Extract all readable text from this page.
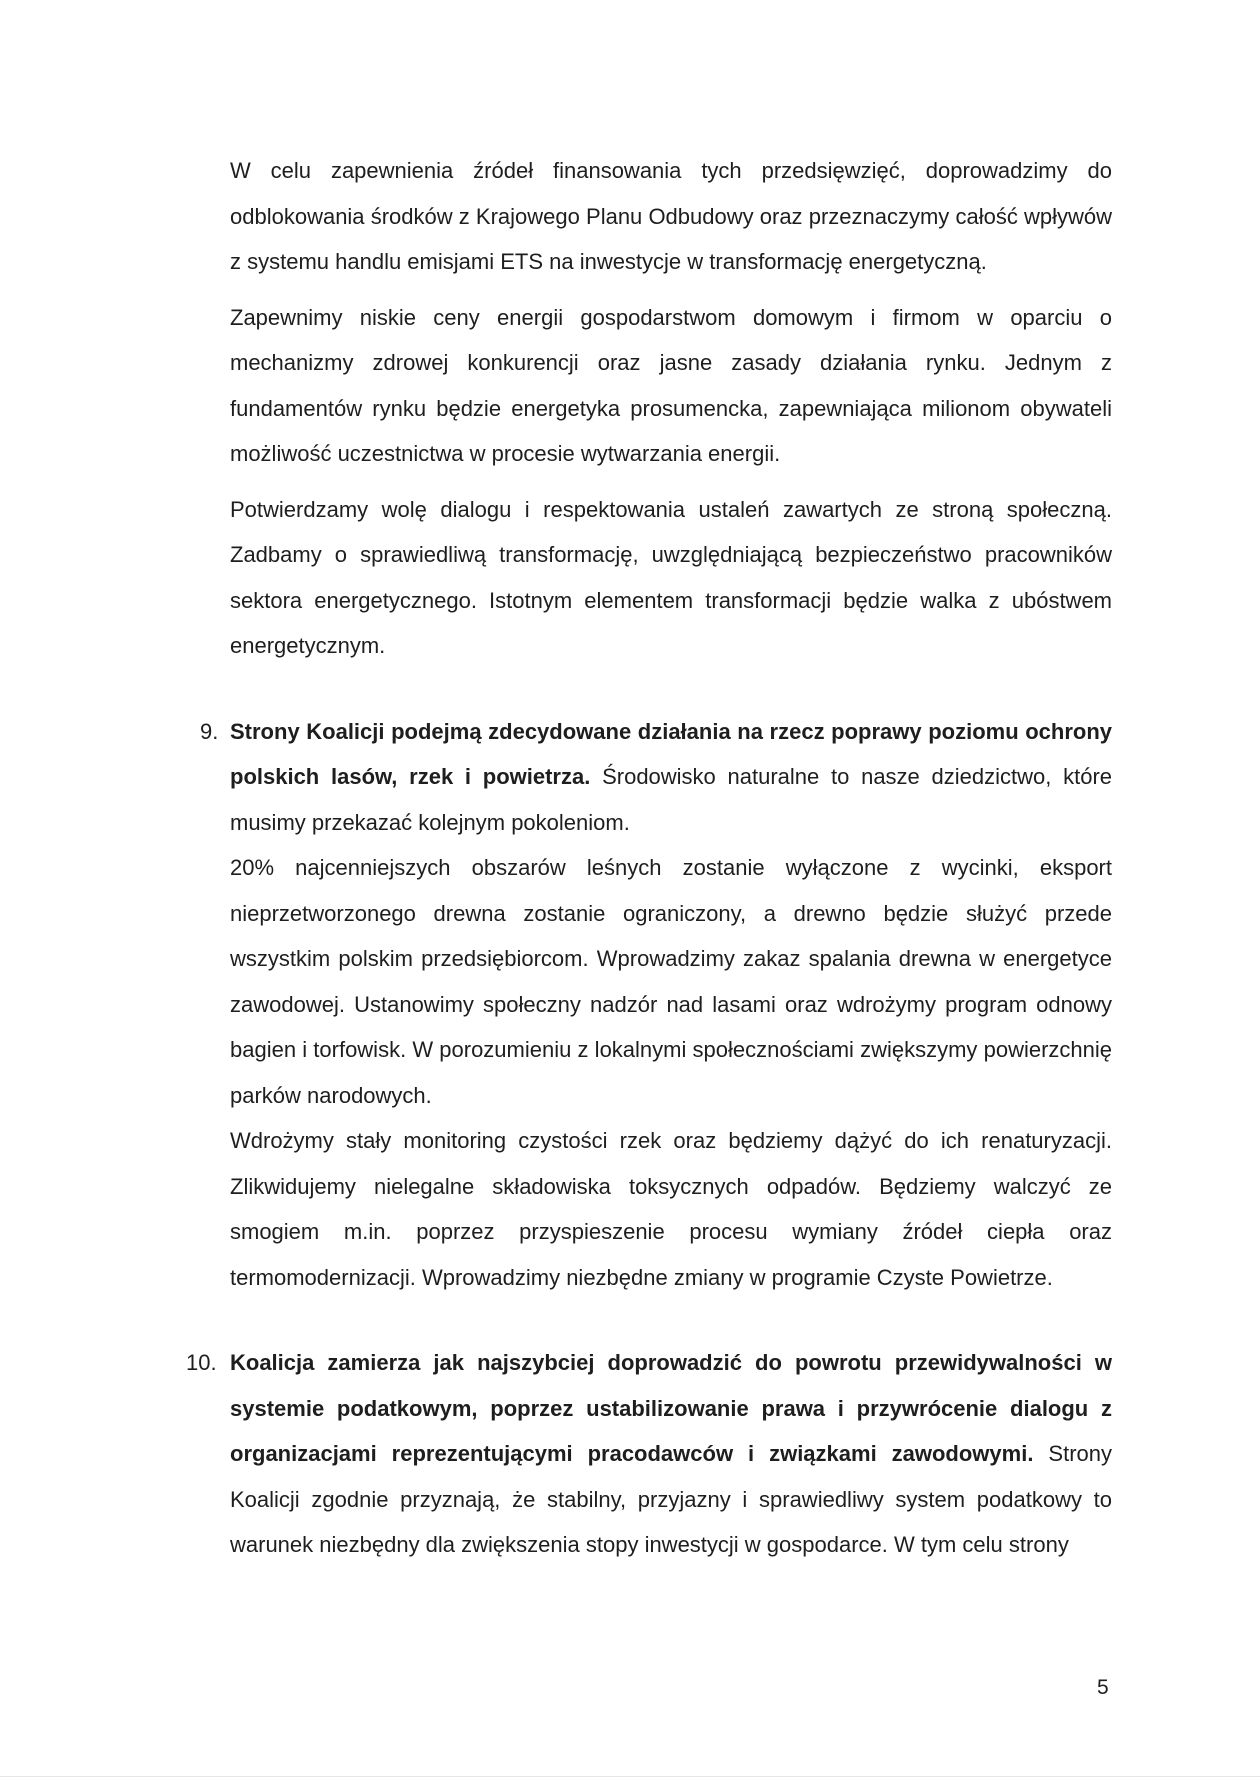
W celu zapewnienia źródeł finansowania tych przedsięwzięć, doprowadzimy do odblokowania środków z Krajowego Planu Odbudowy oraz przeznaczymy całość wpływów z systemu handlu emisjami ETS na inwestycje w transformację energetyczną.

Zapewnimy niskie ceny energii gospodarstwom domowym i firmom w oparciu o mechanizmy zdrowej konkurencji oraz jasne zasady działania rynku. Jednym z fundamentów rynku będzie energetyka prosumencka, zapewniająca milionom obywateli możliwość uczestnictwa w procesie wytwarzania energii.

Potwierdzamy wolę dialogu i respektowania ustaleń zawartych ze stroną społeczną. Zadbamy o sprawiedliwą transformację, uwzględniającą bezpieczeństwo pracowników sektora energetycznego. Istotnym elementem transformacji będzie walka z ubóstwem energetycznym.

9. Strony Koalicji podejmą zdecydowane działania na rzecz poprawy poziomu ochrony polskich lasów, rzek i powietrza. Środowisko naturalne to nasze dziedzictwo, które musimy przekazać kolejnym pokoleniom.

20% najcenniejszych obszarów leśnych zostanie wyłączone z wycinki, eksport nieprzetworzonego drewna zostanie ograniczony, a drewno będzie służyć przede wszystkim polskim przedsiębiorcom. Wprowadzimy zakaz spalania drewna w energetyce zawodowej. Ustanowimy społeczny nadzór nad lasami oraz wdrożymy program odnowy bagien i torfowisk. W porozumieniu z lokalnymi społecznościami zwiększymy powierzchnię parków narodowych.

Wdrożymy stały monitoring czystości rzek oraz będziemy dążyć do ich renaturyzacji. Zlikwidujemy nielegalne składowiska toksycznych odpadów. Będziemy walczyć ze smogiem m.in. poprzez przyspieszenie procesu wymiany źródeł ciepła oraz termomodernizacji. Wprowadzimy niezbędne zmiany w programie Czyste Powietrze.

10. Koalicja zamierza jak najszybciej doprowadzić do powrotu przewidywalności w systemie podatkowym, poprzez ustabilizowanie prawa i przywrócenie dialogu z organizacjami reprezentującymi pracodawców i związkami zawodowymi. Strony Koalicji zgodnie przyznają, że stabilny, przyjazny i sprawiedliwy system podatkowy to warunek niezbędny dla zwiększenia stopy inwestycji w gospodarce. W tym celu strony

5
